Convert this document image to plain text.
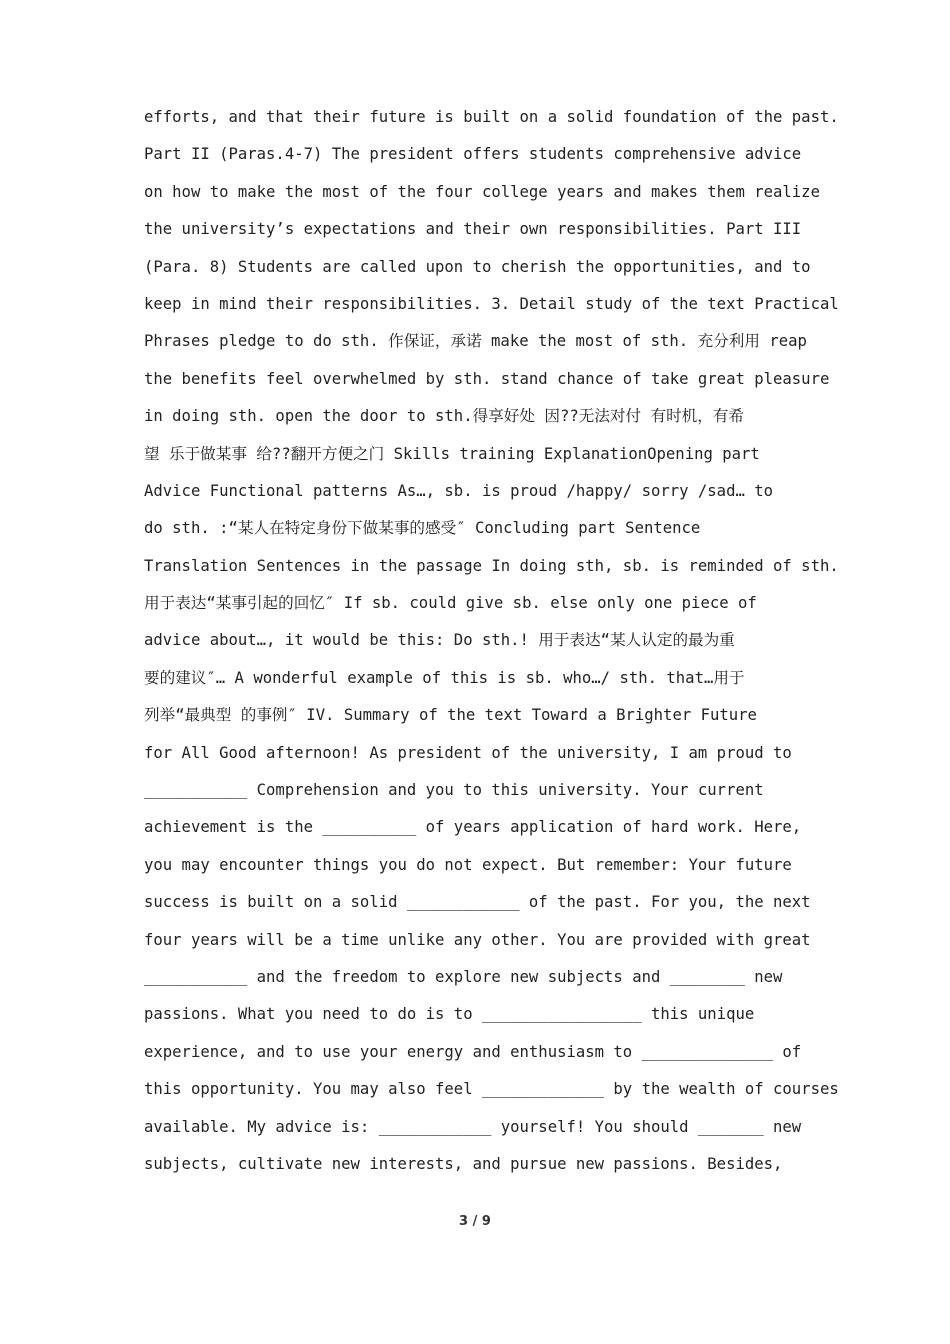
efforts, and that their future is built on a solid foundation of the past.
Part II (Paras.4-7) The president offers students comprehensive advice
on how to make the most of the four college years and makes them realize
the university’s expectations and their own responsibilities. Part III
(Para. 8) Students are called upon to cherish the opportunities, and to
keep in mind their responsibilities. 3. Detail study of the text Practical
Phrases pledge to do sth. 作保证，承诺 make the most of sth. 充分利用 reap
the benefits feel overwhelmed by sth. stand chance of take great pleasure
in doing sth. open the door to sth.得享好处 因??无法对付 有时机，有希
望 乐于做某事 给??翻开方便之门 Skills training ExplanationOpening part
Advice Functional patterns As…, sb. is proud /happy/ sorry /sad… to
do sth. :“某人在特定身份下做某事的感受″ Concluding part Sentence
Translation Sentences in the passage In doing sth, sb. is reminded of sth.
用于表达“某事引起的回忆″ If sb. could give sb. else only one piece of
advice about…, it would be this: Do sth.! 用于表达“某人认定的最为重
要的建议″… A wonderful example of this is sb. who…/ sth. that…用于
列举“最典型 的事例″ IV. Summary of the text Toward a Brighter Future
for All Good afternoon! As president of the university, I am proud to
___________ Comprehension and you to this university. Your current
achievement is the __________ of years application of hard work. Here,
you may encounter things you do not expect. But remember: Your future
success is built on a solid ____________ of the past. For you, the next
four years will be a time unlike any other. You are provided with great
___________ and the freedom to explore new subjects and ________ new
passions. What you need to do is to _________________ this unique
experience, and to use your energy and enthusiasm to ______________ of
this opportunity. You may also feel _____________ by the wealth of courses
available. My advice is: ____________ yourself! You should _______ new
subjects, cultivate new interests, and pursue new passions. Besides,
3 / 9
